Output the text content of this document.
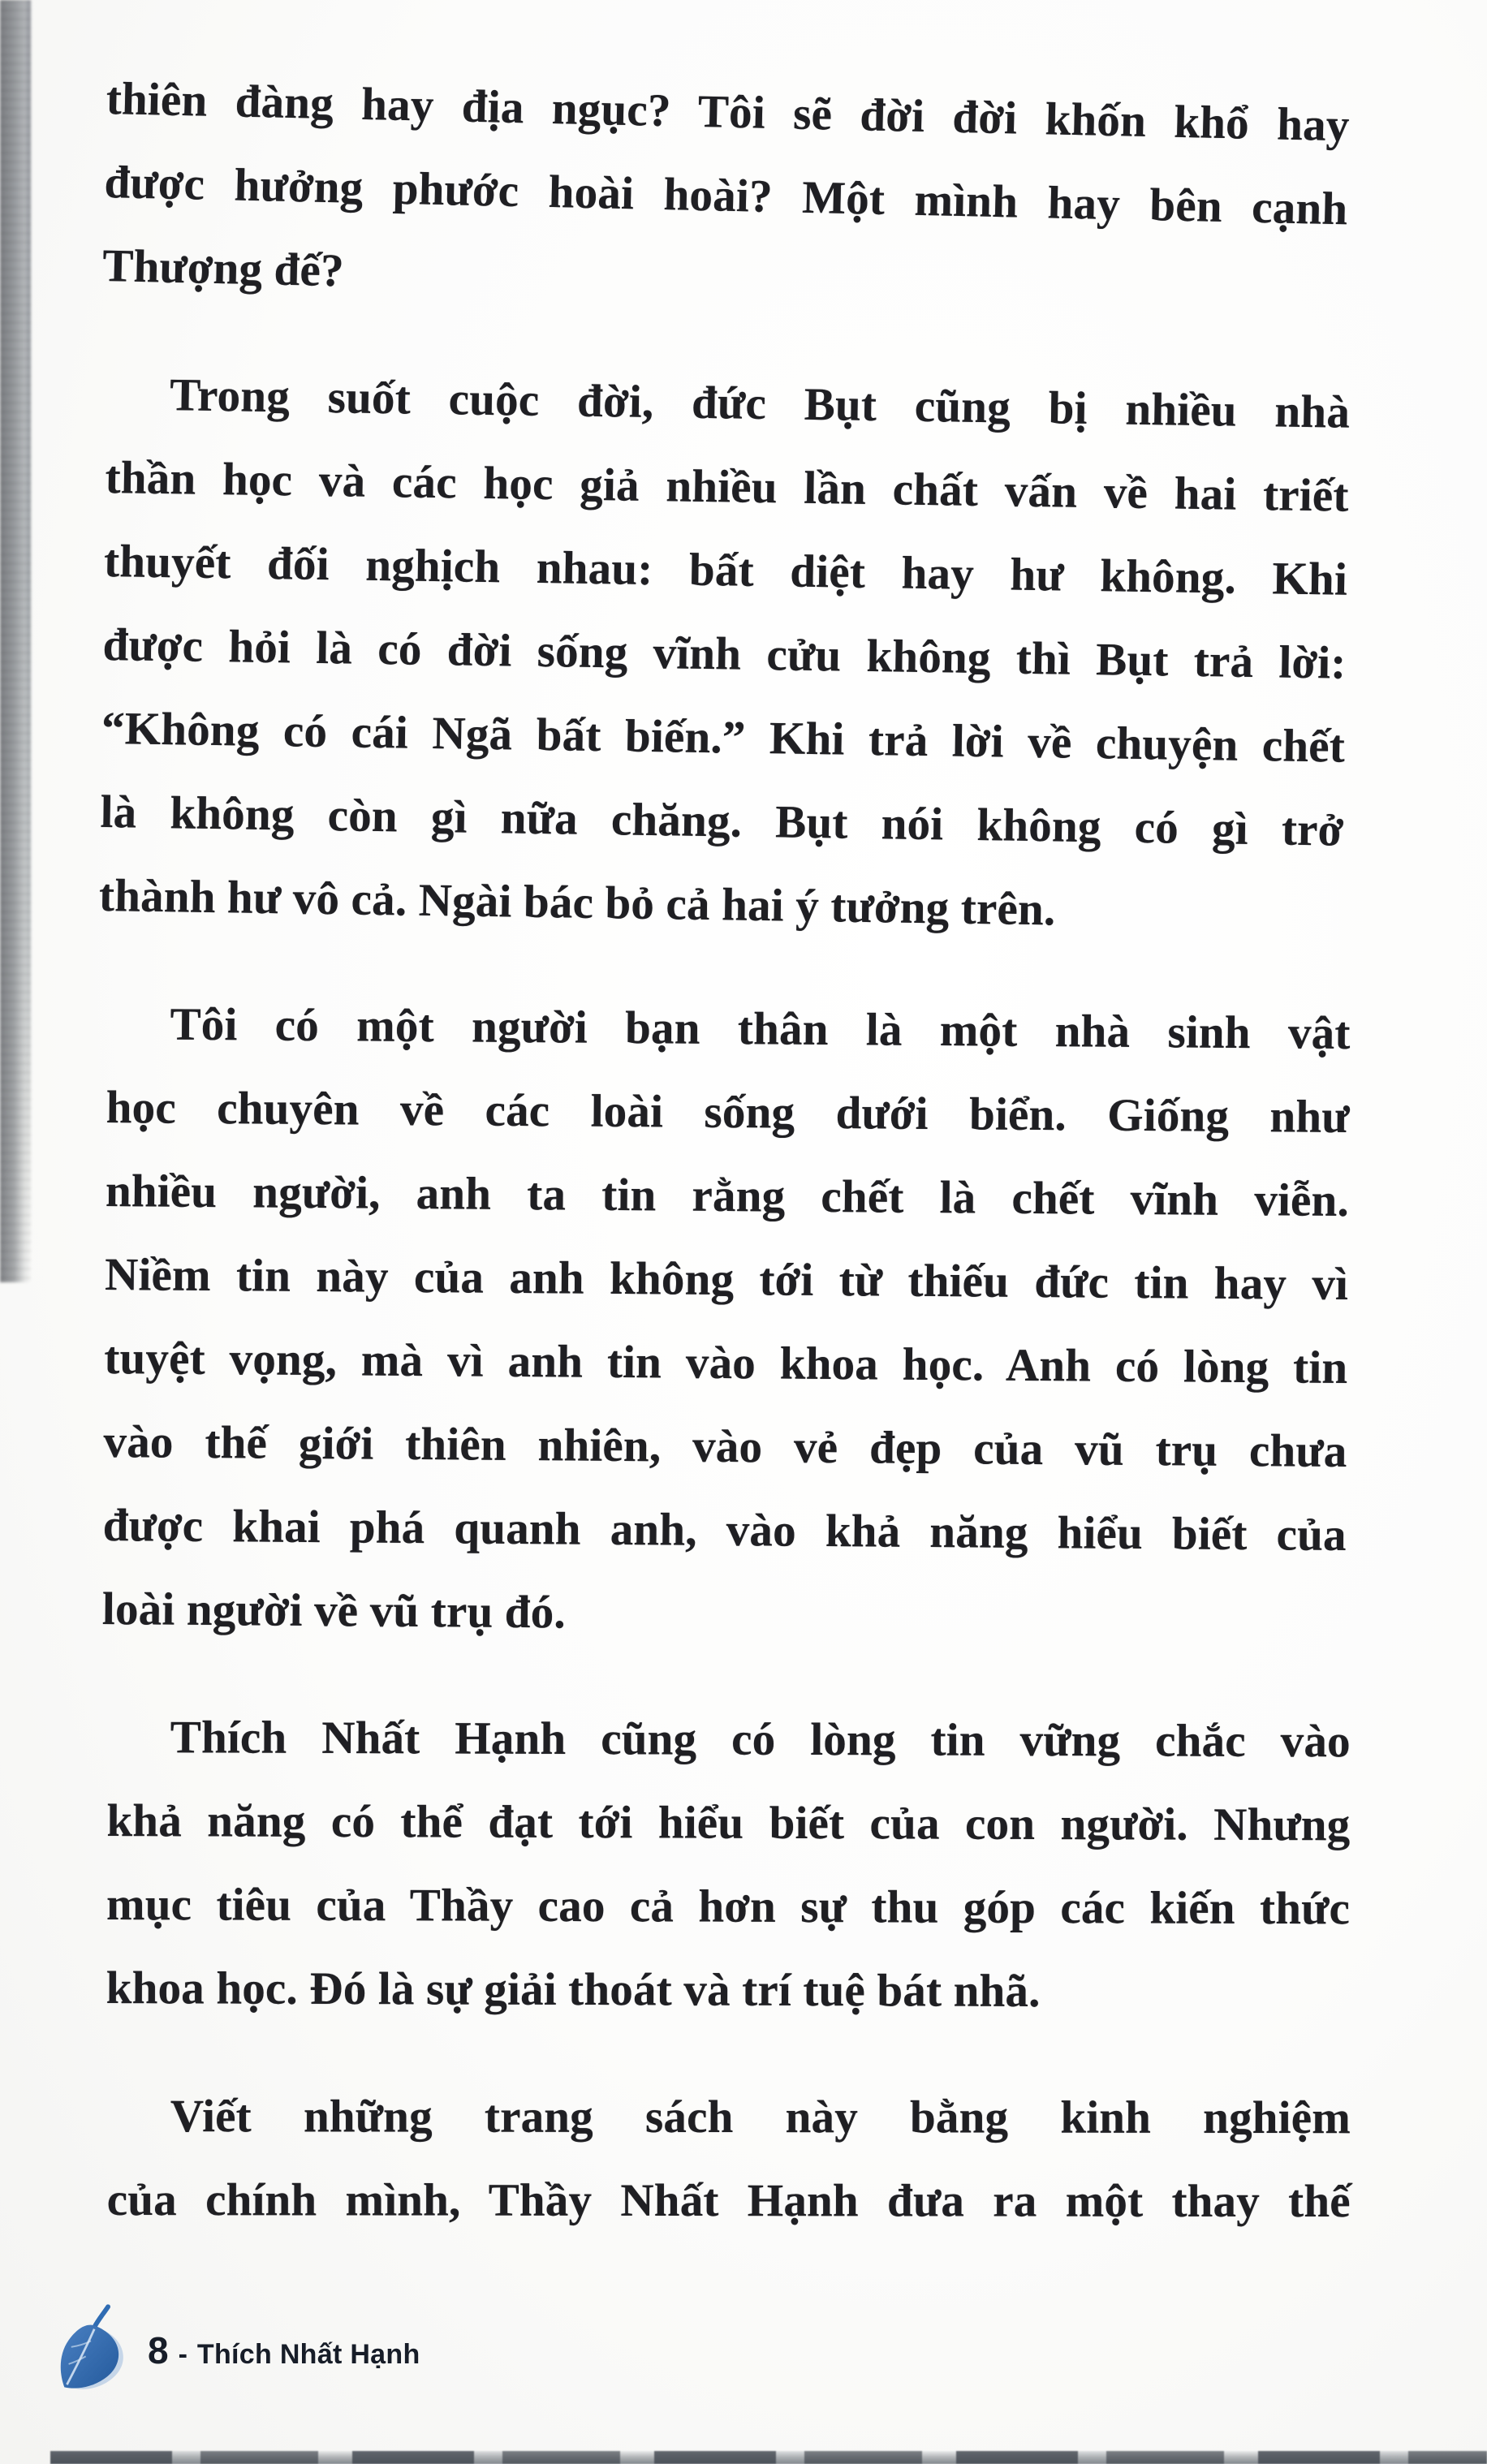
thiên đàng hay địa ngục? Tôi sẽ đời đời khốn khổ hay
được hưởng phước hoài hoài? Một mình hay bên cạnh
Thượng đế?
Trong suốt cuộc đời, đức Bụt cũng bị nhiều nhà
thần học và các học giả nhiều lần chất vấn về hai triết
thuyết đối nghịch nhau: bất diệt hay hư không. Khi
được hỏi là có đời sống vĩnh cửu không thì Bụt trả lời:
“Không có cái Ngã bất biến.” Khi trả lời về chuyện chết
là không còn gì nữa chăng. Bụt nói không có gì trở
thành hư vô cả. Ngài bác bỏ cả hai ý tưởng trên.
Tôi có một người bạn thân là một nhà sinh vật
học chuyên về các loài sống dưới biển. Giống như
nhiều người, anh ta tin rằng chết là chết vĩnh viễn.
Niềm tin này của anh không tới từ thiếu đức tin hay vì
tuyệt vọng, mà vì anh tin vào khoa học. Anh có lòng tin
vào thế giới thiên nhiên, vào vẻ đẹp của vũ trụ chưa
được khai phá quanh anh, vào khả năng hiểu biết của
loài người về vũ trụ đó.
Thích Nhất Hạnh cũng có lòng tin vững chắc vào
khả năng có thể đạt tới hiểu biết của con người. Nhưng
mục tiêu của Thầy cao cả hơn sự thu góp các kiến thức
khoa học. Đó là sự giải thoát và trí tuệ bát nhã.
Viết những trang sách này bằng kinh nghiệm
của chính mình, Thầy Nhất Hạnh đưa ra một thay thế
8 - Thích Nhất Hạnh
